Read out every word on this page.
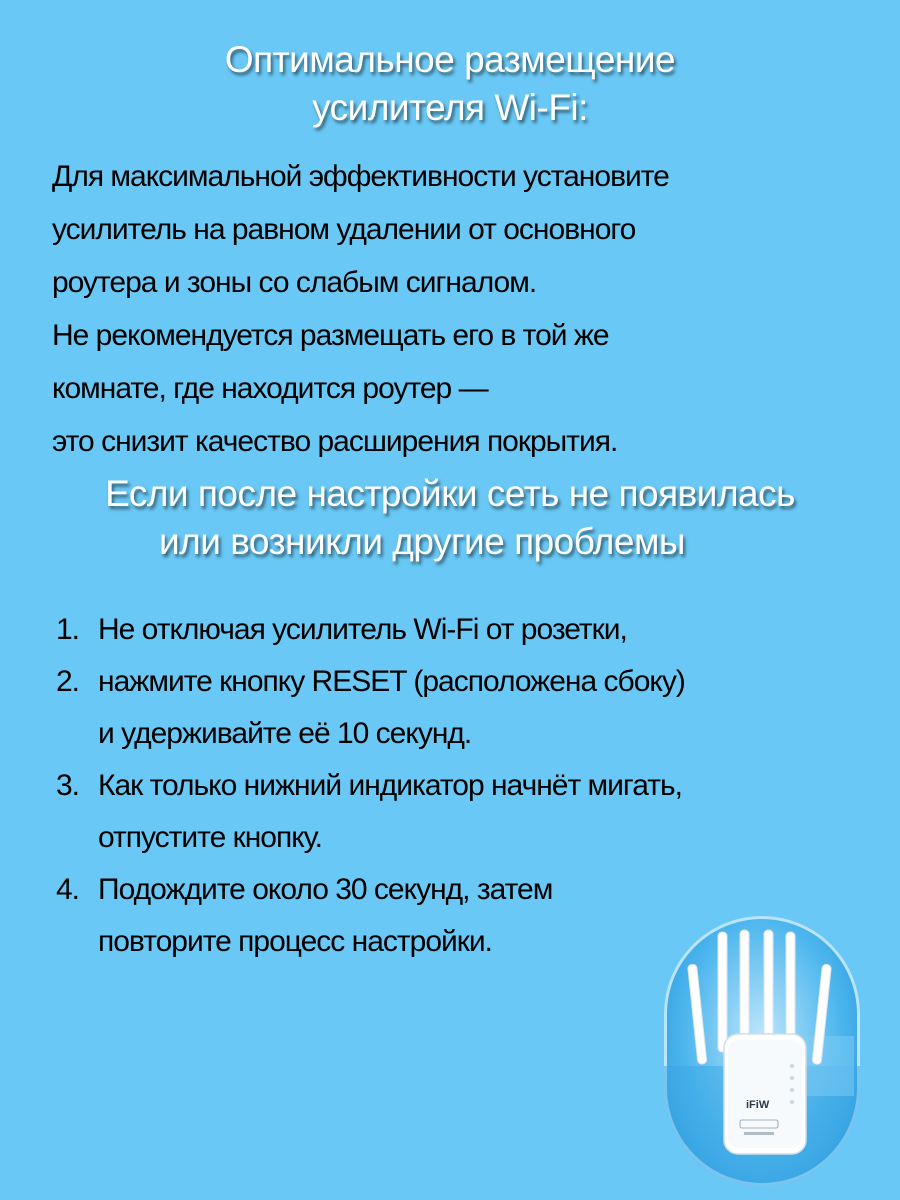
Оптимальное размещение
усилителя Wi-Fi:
Для максимальной эффективности установите
усилитель на равном удалении от основного
роутера и зоны со слабым сигналом.
Не рекомендуется размещать его в той же
комнате, где находится роутер —
это снизит качество расширения покрытия.
Если после настройки сеть не появилась
или возникли другие проблемы
1. Не отключая усилитель Wi-Fi от розетки,
2. нажмите кнопку RESET (расположена сбоку)
и удерживайте её 10 секунд.
3. Как только нижний индикатор начнёт мигать,
отпустите кнопку.
4. Подождите около 30 секунд, затем
повторите процесс настройки.
iFiW
